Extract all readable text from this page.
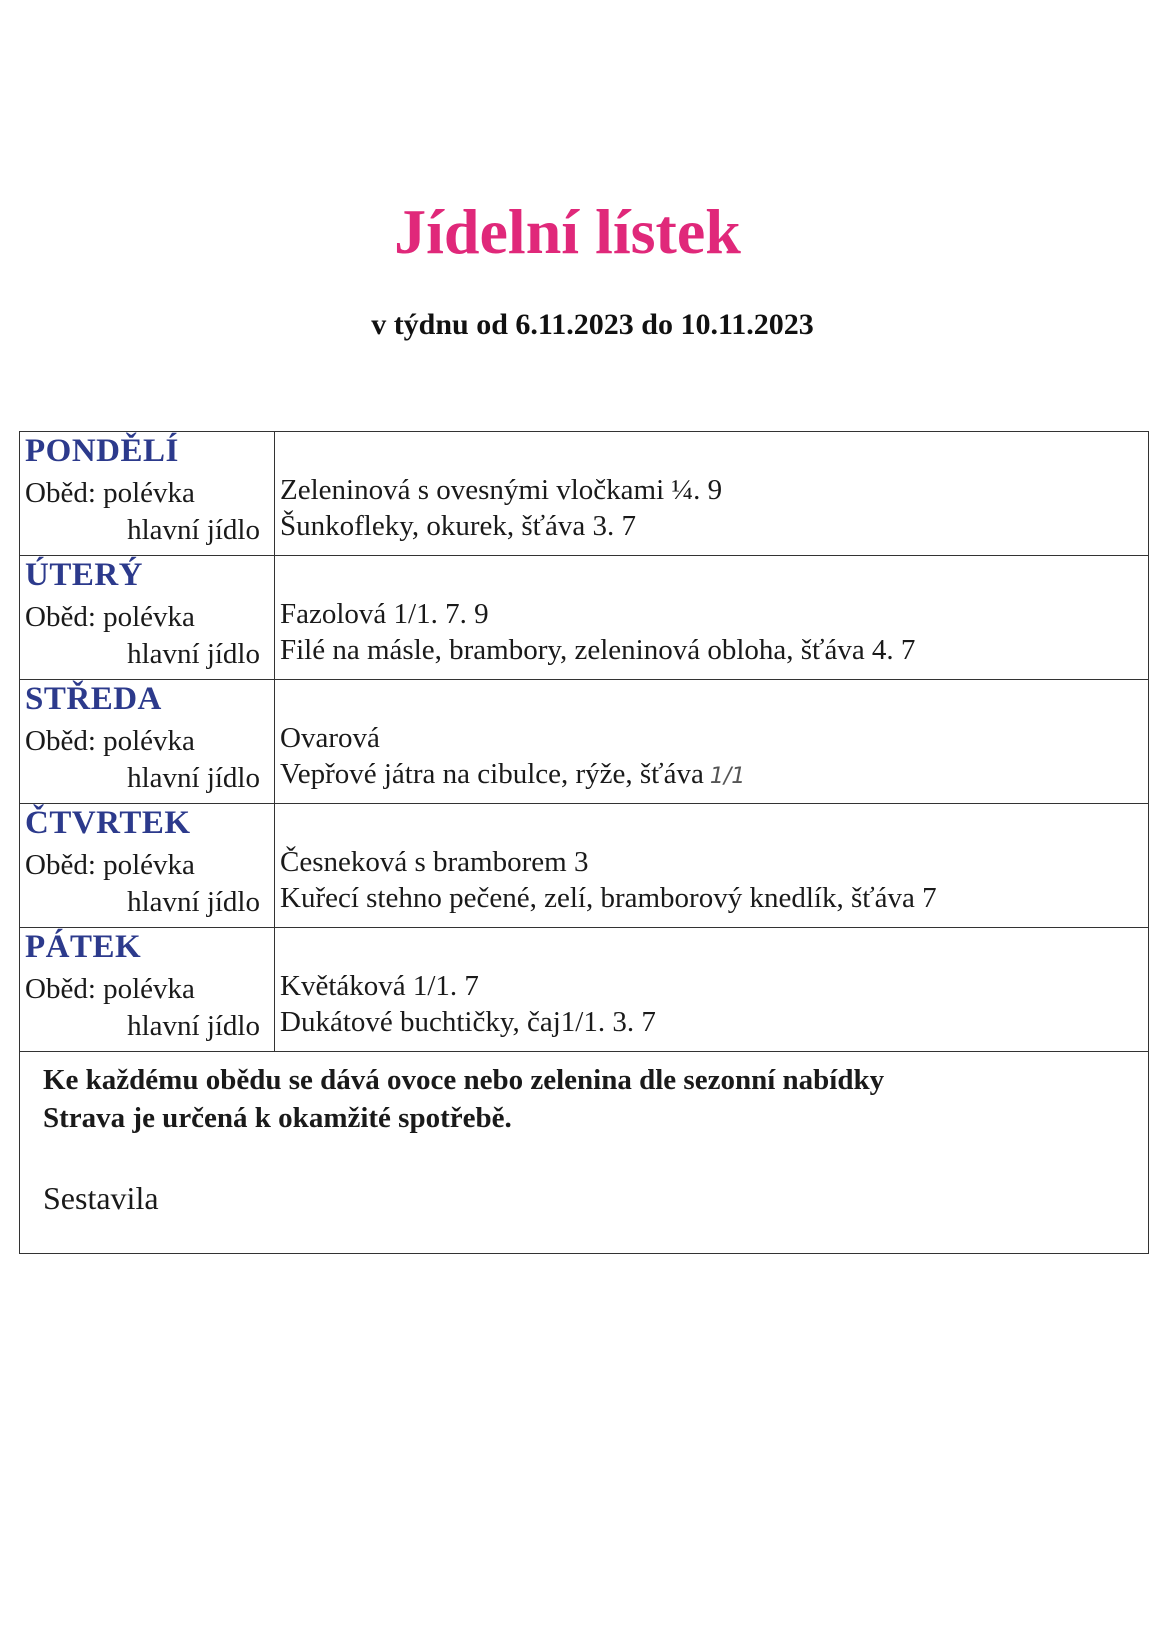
Jídelní lístek
v týdnu od 6.11.2023 do 10.11.2023
PONDĚLÍ
Oběd: polévka
hlavní jídlo
Zeleninová s ovesnými vločkami ¼. 9
Šunkofleky, okurek, šťáva 3. 7
ÚTERÝ
Oběd: polévka
hlavní jídlo
Fazolová 1/1. 7. 9
Filé na másle, brambory, zeleninová obloha, šťáva 4. 7
STŘEDA
Oběd: polévka
hlavní jídlo
Ovarová
Vepřové játra na cibulce, rýže, šťáva 1/1
ČTVRTEK
Oběd: polévka
hlavní jídlo
Česneková s bramborem 3
Kuřecí stehno pečené, zelí, bramborový knedlík, šťáva 7
PÁTEK
Oběd: polévka
hlavní jídlo
Květáková 1/1. 7
Dukátové buchtičky, čaj1/1. 3. 7
Ke každému obědu se dává ovoce nebo zelenina dle sezonní nabídky
Strava je určená k okamžité spotřebě.
Sestavila
